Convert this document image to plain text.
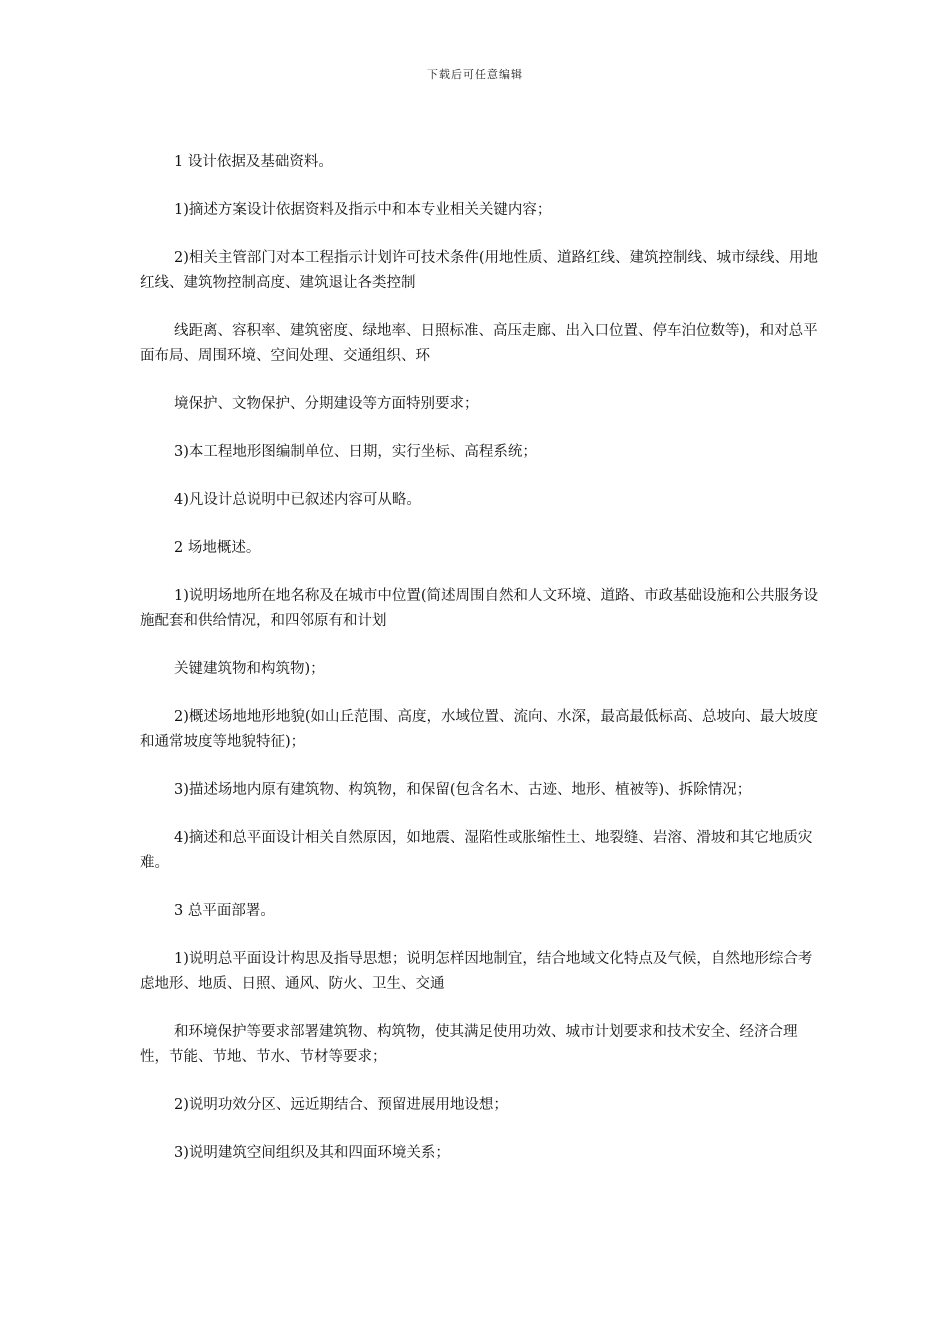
下载后可任意编辑

1 设计依据及基础资料。

1)摘述方案设计依据资料及指示中和本专业相关关键内容；

2)相关主管部门对本工程指示计划许可技术条件(用地性质、道路红线、建筑控制线、城市绿线、用地红线、建筑物控制高度、建筑退让各类控制

线距离、容积率、建筑密度、绿地率、日照标准、高压走廊、出入口位置、停车泊位数等)，和对总平面布局、周围环境、空间处理、交通组织、环

境保护、文物保护、分期建设等方面特别要求；

3)本工程地形图编制单位、日期，实行坐标、高程系统；

4)凡设计总说明中已叙述内容可从略。

2 场地概述。

1)说明场地所在地名称及在城市中位置(简述周围自然和人文环境、道路、市政基础设施和公共服务设施配套和供给情况，和四邻原有和计划

关键建筑物和构筑物)；

2)概述场地地形地貌(如山丘范围、高度，水域位置、流向、水深，最高最低标高、总坡向、最大坡度和通常坡度等地貌特征)；

3)描述场地内原有建筑物、构筑物，和保留(包含名木、古迹、地形、植被等)、拆除情况；

4)摘述和总平面设计相关自然原因，如地震、湿陷性或胀缩性土、地裂缝、岩溶、滑坡和其它地质灾难。

3 总平面部署。

1)说明总平面设计构思及指导思想；说明怎样因地制宜，结合地域文化特点及气候，自然地形综合考虑地形、地质、日照、通风、防火、卫生、交通

和环境保护等要求部署建筑物、构筑物，使其满足使用功效、城市计划要求和技术安全、经济合理性，节能、节地、节水、节材等要求；

2)说明功效分区、远近期结合、预留进展用地设想；

3)说明建筑空间组织及其和四面环境关系；
